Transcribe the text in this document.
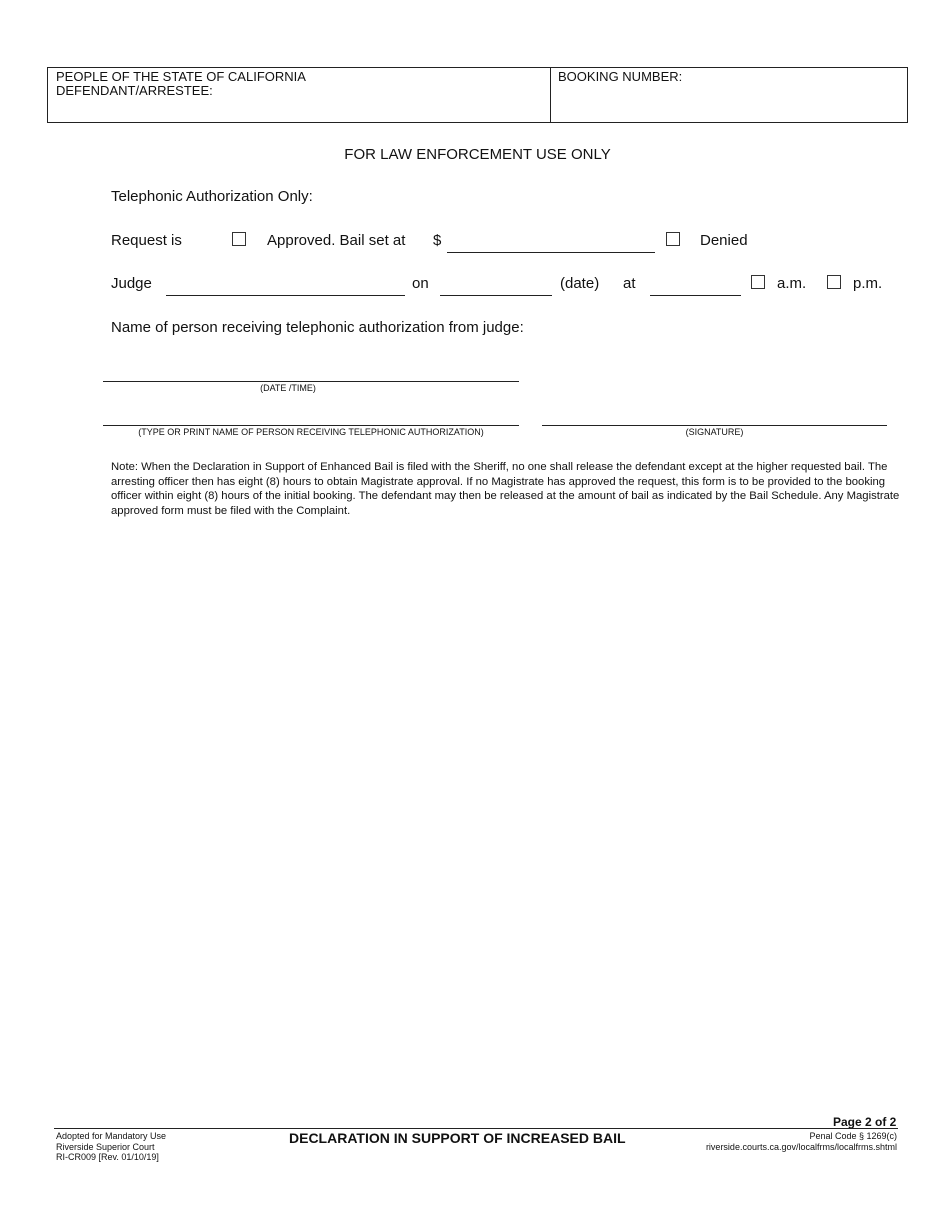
PEOPLE OF THE STATE OF CALIFORNIA
DEFENDANT/ARRESTEE:
BOOKING NUMBER:
FOR LAW ENFORCEMENT USE ONLY
Telephonic Authorization Only:
Request is	Approved. Bail set at $	Denied
Judge	on	(date) at	a.m.	p.m.
Name of person receiving telephonic authorization from judge:
(DATE /TIME)
(TYPE OR PRINT NAME OF PERSON RECEIVING TELEPHONIC AUTHORIZATION)	(SIGNATURE)
Note: When the Declaration in Support of Enhanced Bail is filed with the Sheriff, no one shall release the defendant except at the higher requested bail. The arresting officer then has eight (8) hours to obtain Magistrate approval. If no Magistrate has approved the request, this form is to be provided to the booking officer within eight (8) hours of the initial booking. The defendant may then be released at the amount of bail as indicated by the Bail Schedule. Any Magistrate approved form must be filed with the Complaint.
Page 2 of 2
Adopted for Mandatory Use
Riverside Superior Court
RI-CR009 [Rev. 01/10/19]
DECLARATION IN SUPPORT OF INCREASED BAIL	Penal Code § 1269(c)
riverside.courts.ca.gov/localfrms/localfrms.shtml
